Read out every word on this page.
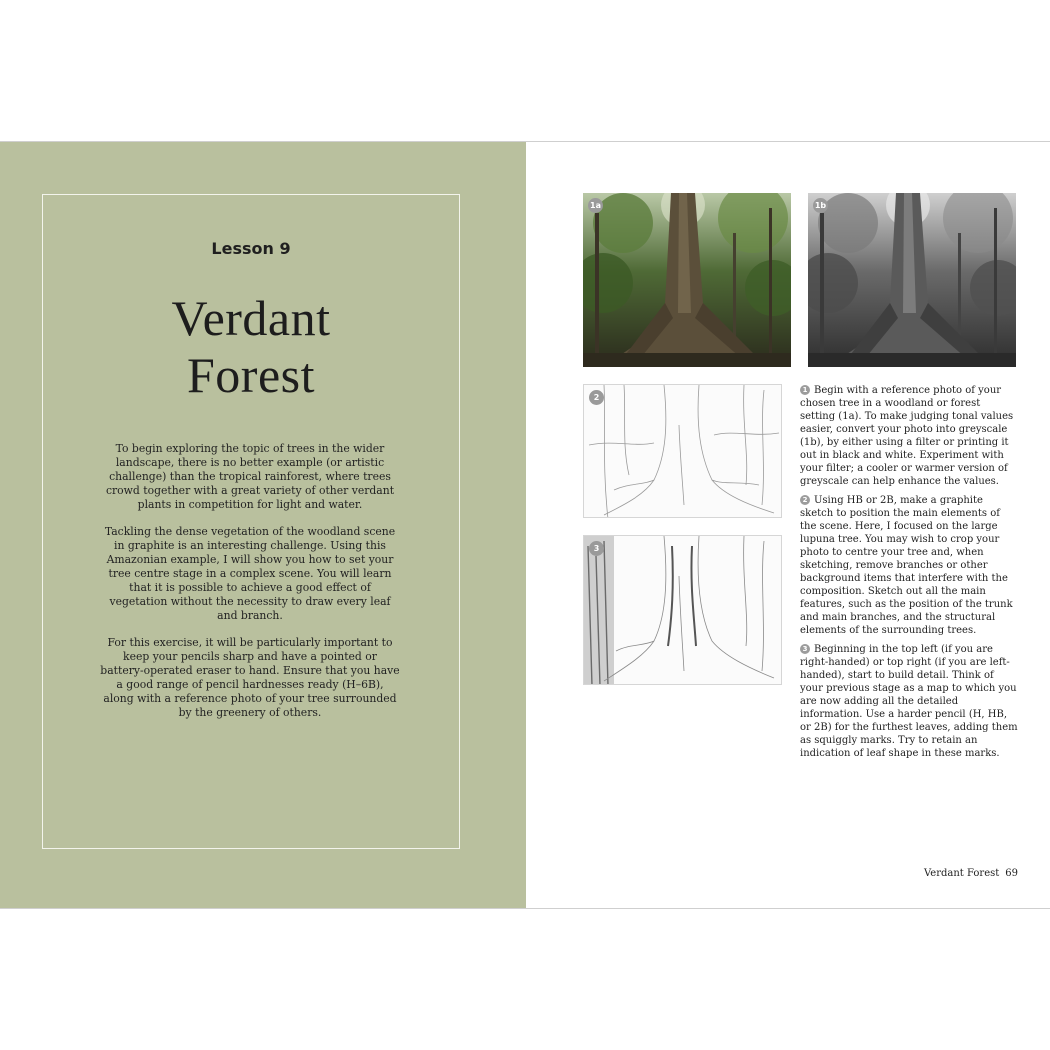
Lesson 9
Verdant
Forest

To begin exploring the topic of trees in the wider landscape, there is no better example (or artistic challenge) than the tropical rainforest, where trees crowd together with a great variety of other verdant plants in competition for light and water.

Tackling the dense vegetation of the woodland scene in graphite is an interesting challenge. Using this Amazonian example, I will show you how to set your tree centre stage in a complex scene. You will learn that it is possible to achieve a good effect of vegetation without the necessity to draw every leaf and branch.

For this exercise, it will be particularly important to keep your pencils sharp and have a pointed or battery-operated eraser to hand. Ensure that you have a good range of pencil hardnesses ready (H–6B), along with a reference photo of your tree surrounded by the greenery of others.

1a	1b
2
3

1 Begin with a reference photo of your chosen tree in a woodland or forest setting (1a). To make judging tonal values easier, convert your photo into greyscale (1b), by either using a filter or printing it out in black and white. Experiment with your filter; a cooler or warmer version of greyscale can help enhance the values.

2 Using HB or 2B, make a graphite sketch to position the main elements of the scene. Here, I focused on the large lupuna tree. You may wish to crop your photo to centre your tree and, when sketching, remove branches or other background items that interfere with the composition. Sketch out all the main features, such as the position of the trunk and main branches, and the structural elements of the surrounding trees.

3 Beginning in the top left (if you are right-handed) or top right (if you are left-handed), start to build detail. Think of your previous stage as a map to which you are now adding all the detailed information. Use a harder pencil (H, HB, or 2B) for the furthest leaves, adding them as squiggly marks. Try to retain an indication of leaf shape in these marks.

Verdant Forest 69
